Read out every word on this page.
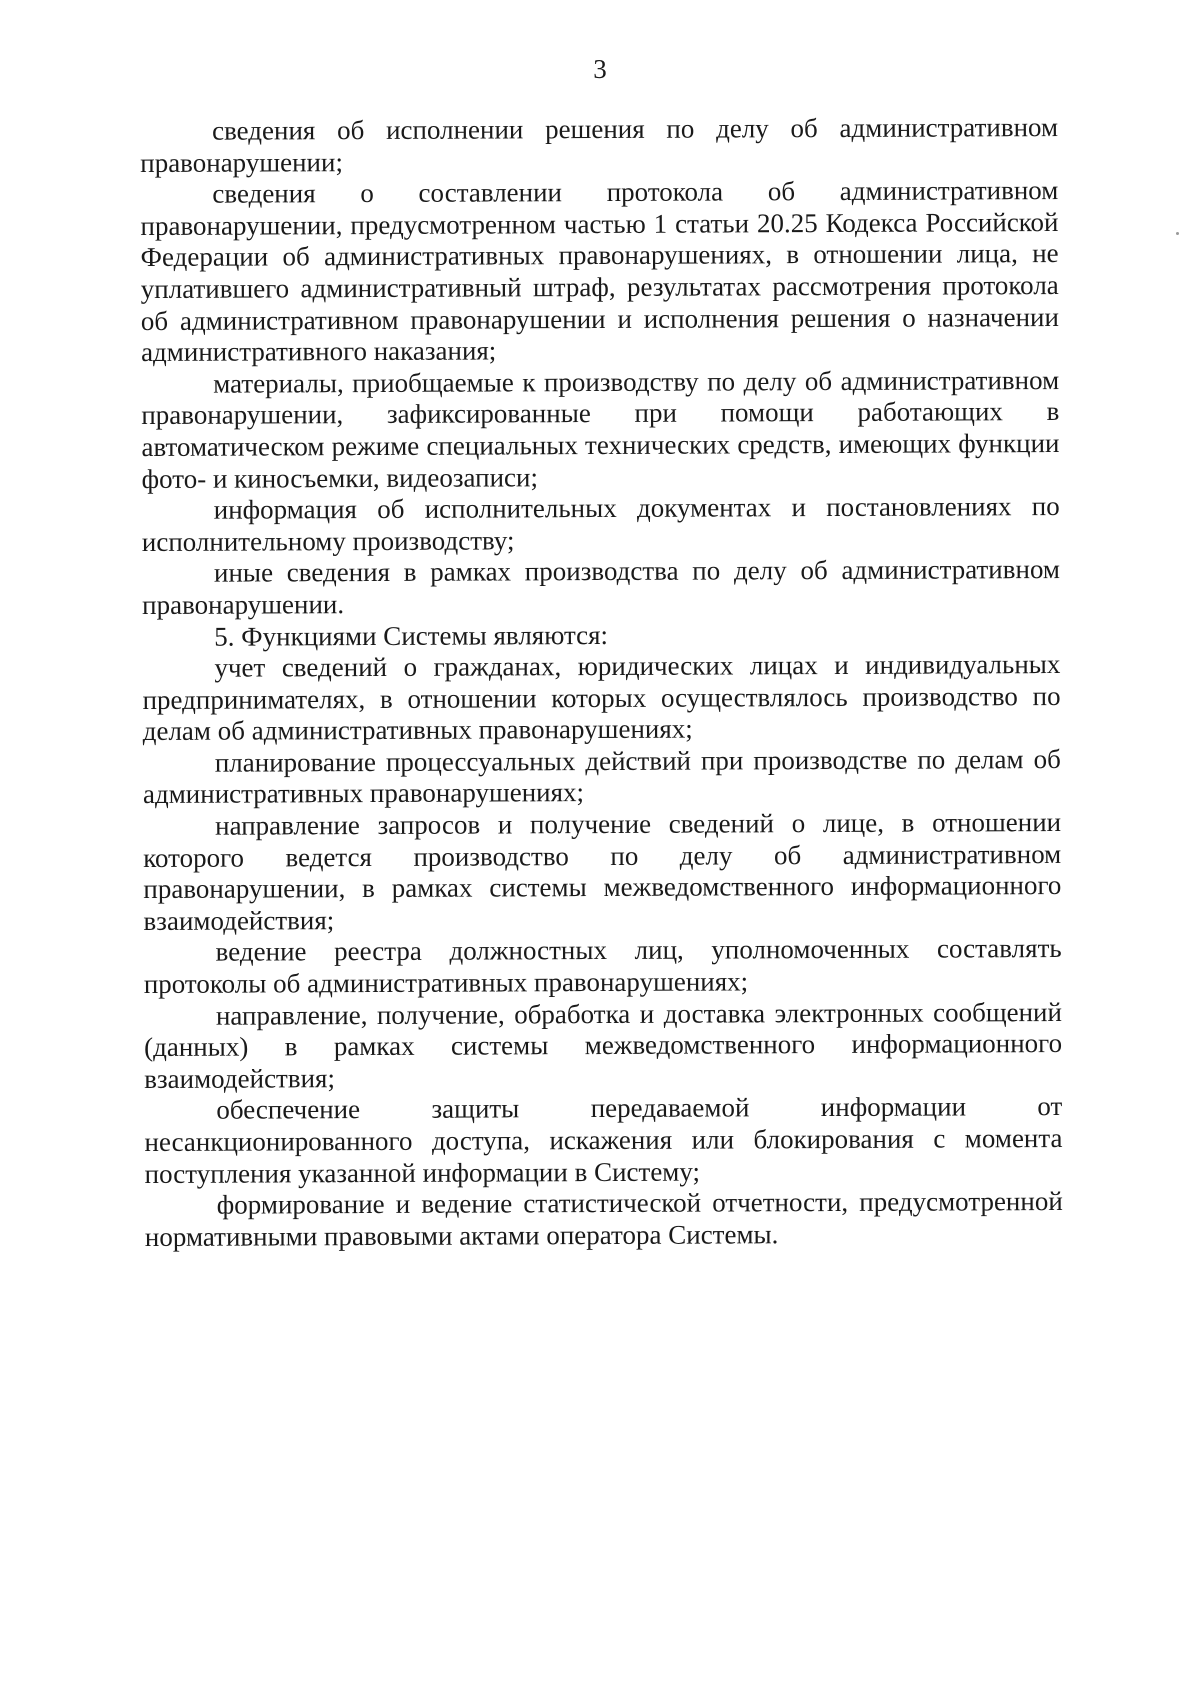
3

сведения об исполнении решения по делу об административном правонарушении;

сведения о составлении протокола об административном правонарушении, предусмотренном частью 1 статьи 20.25 Кодекса Российской Федерации об административных правонарушениях, в отношении лица, не уплатившего административный штраф, результатах рассмотрения протокола об административном правонарушении и исполнения решения о назначении административного наказания;

материалы, приобщаемые к производству по делу об административном правонарушении, зафиксированные при помощи работающих в автоматическом режиме специальных технических средств, имеющих функции фото- и киносъемки, видеозаписи;

информация об исполнительных документах и постановлениях по исполнительному производству;

иные сведения в рамках производства по делу об административном правонарушении.

5. Функциями Системы являются:

учет сведений о гражданах, юридических лицах и индивидуальных предпринимателях, в отношении которых осуществлялось производство по делам об административных правонарушениях;

планирование процессуальных действий при производстве по делам об административных правонарушениях;

направление запросов и получение сведений о лице, в отношении которого ведется производство по делу об административном правонарушении, в рамках системы межведомственного информационного взаимодействия;

ведение реестра должностных лиц, уполномоченных составлять протоколы об административных правонарушениях;

направление, получение, обработка и доставка электронных сообщений (данных) в рамках системы межведомственного информационного взаимодействия;

обеспечение защиты передаваемой информации от несанкционированного доступа, искажения или блокирования с момента поступления указанной информации в Систему;

формирование и ведение статистической отчетности, предусмотренной нормативными правовыми актами оператора Системы.
